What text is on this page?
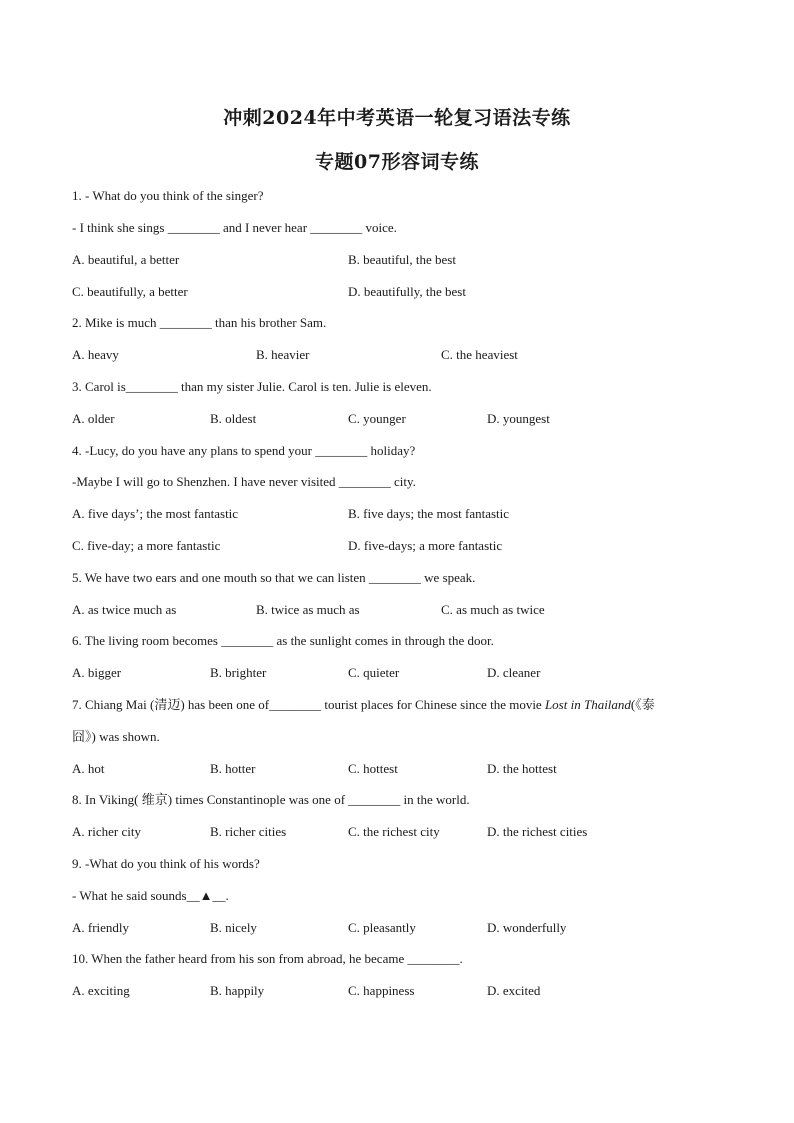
冲刺2024年中考英语一轮复习语法专练
专题07形容词专练
1. - What do you think of the singer?
- I think she sings ________ and I never hear ________ voice.
A. beautiful, a better	B. beautiful, the best
C. beautifully, a better	D. beautifully, the best
2. Mike is much ________ than his brother Sam.
A. heavy	B. heavier	C. the heaviest
3. Carol is________ than my sister Julie. Carol is ten. Julie is eleven.
A. older	B. oldest	C. younger	D. youngest
4. -Lucy, do you have any plans to spend your ________ holiday?
-Maybe I will go to Shenzhen. I have never visited ________ city.
A. five days’; the most fantastic	B. five days; the most fantastic
C. five-day; a more fantastic	D. five-days; a more fantastic
5. We have two ears and one mouth so that we can listen ________ we speak.
A. as twice much as	B. twice as much as	C. as much as twice
6. The living room becomes ________ as the sunlight comes in through the door.
A. bigger	B. brighter	C. quieter	D. cleaner
7. Chiang Mai (清迈) has been one of________ tourist places for Chinese since the movie Lost in Thailand(《泰
囧》) was shown.
A. hot	B. hotter	C. hottest	D. the hottest
8. In Viking( 维京) times Constantinople was one of ________ in the world.
A. richer city	B. richer cities	C. the richest city	D. the richest cities
9. -What do you think of his words?
- What he said sounds__▲__.
A. friendly	B. nicely	C. pleasantly	D. wonderfully
10. When the father heard from his son from abroad, he became ________.
A. exciting	B. happily	C. happiness	D. excited
